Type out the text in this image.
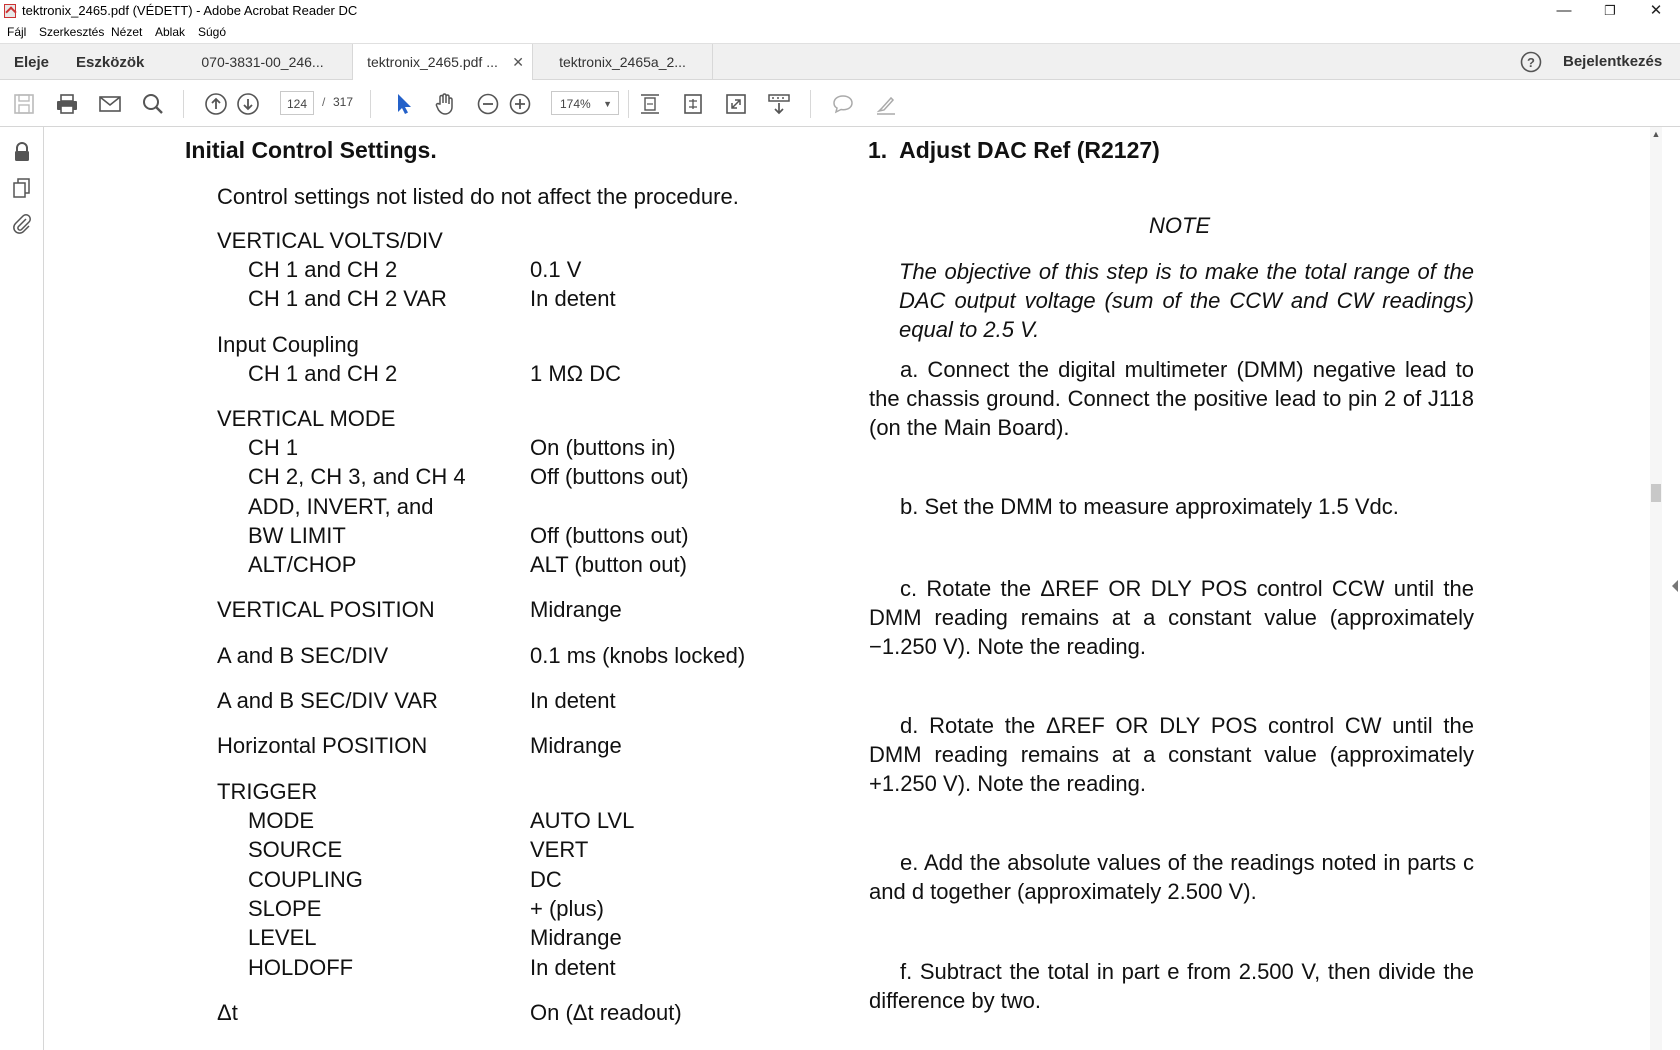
tektronix_2465.pdf (VÉDETT) - Adobe Acrobat Reader DC	—	❐	✕
Fájl Szerkesztés Nézet Ablak Súgó
Eleje Eszközök	070-3831-00_246...	tektronix_2465.pdf ... ✕	tektronix_2465a_2...	? Bejelentkezés
124	/ 317	174% ▼
Initial Control Settings.
Control settings not listed do not affect the procedure.
VERTICAL VOLTS/DIV
CH 1 and CH 2	0.1 V
CH 1 and CH 2 VAR	In detent
Input Coupling
CH 1 and CH 2	1 MΩ DC
VERTICAL MODE
CH 1	On (buttons in)
CH 2, CH 3, and CH 4	Off (buttons out)
ADD, INVERT, and
BW LIMIT	Off (buttons out)
ALT/CHOP	ALT (button out)
VERTICAL POSITION	Midrange
A and B SEC/DIV	0.1 ms (knobs locked)
A and B SEC/DIV VAR	In detent
Horizontal POSITION	Midrange
TRIGGER
MODE	AUTO LVL
SOURCE	VERT
COUPLING	DC
SLOPE	+ (plus)
LEVEL	Midrange
HOLDOFF	In detent
Δt	On (Δt readout)
1.  Adjust DAC Ref (R2127)
NOTE
The objective of this step is to make the total range of the DAC output voltage (sum of the CCW and CW readings) equal to 2.5 V.
a. Connect the digital multimeter (DMM) negative lead to the chassis ground. Connect the positive lead to pin 2 of J118 (on the Main Board).
b. Set the DMM to measure approximately 1.5 Vdc.
c. Rotate the ΔREF OR DLY POS control CCW until the DMM reading remains at a constant value (approximately −1.250 V). Note the reading.
d. Rotate the ΔREF OR DLY POS control CW until the DMM reading remains at a constant value (approximately +1.250 V). Note the reading.
e. Add the absolute values of the readings noted in parts c and d together (approximately 2.500 V).
f. Subtract the total in part e from 2.500 V, then divide the difference by two.
▲
